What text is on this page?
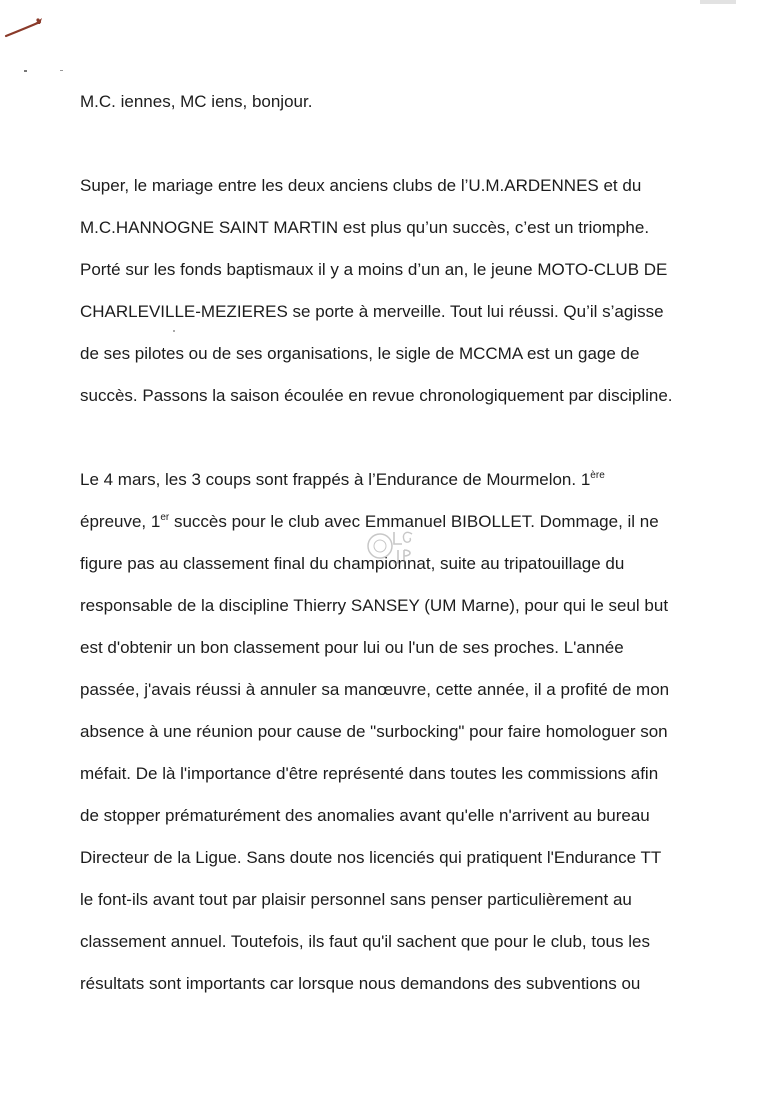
M.C. iennes, MC iens, bonjour.
Super, le mariage entre les deux anciens clubs de l’U.M.ARDENNES et du
M.C.HANNOGNE SAINT MARTIN est plus qu’un succès, c’est un triomphe.
Porté sur les fonds baptismaux il y a moins d’un an, le jeune MOTO-CLUB DE
CHARLEVILLE-MEZIERES se porte à merveille. Tout lui réussi. Qu’il s’agisse
de ses pilotes ou de ses organisations, le sigle de MCCMA est un gage de
succès. Passons la saison écoulée en revue chronologiquement par discipline.
Le 4 mars, les 3 coups sont frappés à l’Endurance de Mourmelon. 1ère
épreuve, 1er succès pour le club avec Emmanuel BIBOLLET. Dommage, il ne
figure pas au classement final du championnat, suite au tripatouillage du
responsable de la discipline Thierry SANSEY (UM Marne), pour qui le seul but
est d'obtenir un bon classement pour lui ou l'un de ses proches. L'année
passée, j'avais réussi à annuler sa manœuvre, cette année, il a profité de mon
absence à une réunion pour cause de "surbocking" pour faire homologuer son
méfait. De là l'importance d'être représenté dans toutes les commissions afin
de stopper prématurément des anomalies avant qu'elle n'arrivent au bureau
Directeur de la Ligue. Sans doute nos licenciés qui pratiquent l'Endurance TT
le font-ils avant tout par plaisir personnel sans penser particulièrement au
classement annuel. Toutefois, ils faut qu'il sachent que pour le club, tous les
résultats sont importants car lorsque nous demandons des subventions ou
